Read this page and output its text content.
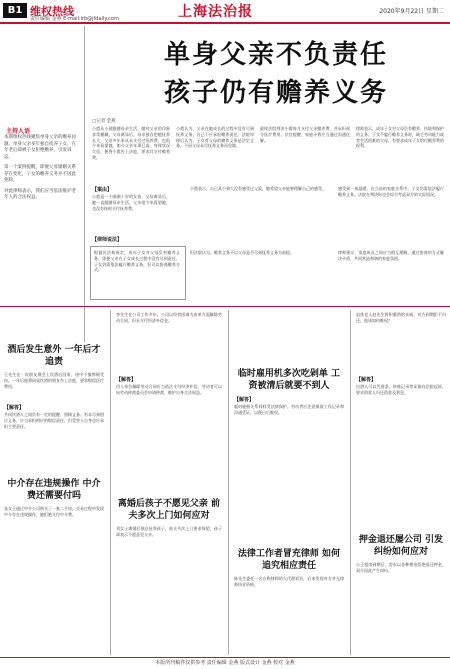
B1 维权热线
责任编辑 金燕 E-mail:lrb@jfdaily.com	上海法治报	2020年9月22日 星期二
主持人语

本期维权热线聚焦单身父亲的赡养问题。单身父亲多年独自抚养子女，在年老后却被子女拒绝赡养，引发诉讼。

第一个案例提醒，即便父母婚姻关系存在变化，子女的赡养义务并不因此免除。

对此律师表示，我们应当依法维护老年人的合法权益。

单身父亲不负责任
孩子仍有赡养义务
□记者 金燕
小霞从小就跟随母亲生活，她对父亲的印象非常模糊。父母离异后，母亲独自把她抚养长大，父亲多年来从未支付过抚养费，也很少来看望她。如今父亲年事已高，身体状况欠佳，便将小霞告上法庭，要求其支付赡养费。
小霞认为，父亲在她成长的过程中没有尽到抚养义务，自己不应承担赡养责任。法院审理后认为，子女对父母的赡养义务是法定义务，不因父母未尽抚养义务而免除。
最终法院判决小霞每月支付父亲赡养费，并承担部分医疗费用。法官提醒，家庭矛盾应当通过沟通化解。
律师表示，成年子女对父母负有赡养、扶助和保护的义务。子女不履行赡养义务时，缺乏劳动能力或者生活困难的父母，有要求成年子女给付赡养费的权利。
【案由】
小霞是一个刚满十岁的女孩，父母离异后，她一直跟随母亲生活。父亲很少来看望她，也没有按时支付抚养费。
【律师说法】
根据民法典规定，成年子女对父母负有赡养义务。即便父亲在子女成长过程中没有尽到责任，子女仍需依法履行赡养义务，但可以协商赡养方式。
小霞表示，自己从小到大没有感受过父爱，她希望父亲能够理解自己的感受。
但法院认为，赡养义务不以父母是否尽到抚养义务为前提。
感受到一丝温暖，在当前的家庭关系中，子女仍需依法履行赡养义务。法院在判决时也会综合考虑双方的实际情况。
律师建议，家庭成员之间应当相互理解，通过协商的方式解决矛盾，共同营造和谐的家庭氛围。
酒后发生意外 一年后才追责
王先生在一次朋友聚会上饮酒后回家，途中不慎摔倒受伤。一年后他将同桌饮酒的朋友告上法庭，要求赔偿医疗费用。
【解答】
共同饮酒人之间负有一定的提醒、照顾义务。若未尽到相应义务，应当承担相应的赔偿责任，但受害人自身也应承担主要责任。
中介存在违规操作 中介费还需要付吗
张女士通过中介公司购买了一套二手房，交易过程中发现中介存在违规操作，她拒绝支付中介费。
李先生在公司工作多年，公司以经营困难为由单方面解除劳动合同，但未支付经济补偿金。
【解答】
用人单位解除劳动合同应当依法支付经济补偿。劳动者可以向劳动仲裁委员会申请仲裁，维护自身合法权益。
离婚后孩子不愿见父亲 前夫多次上门如何应对
刘女士离婚后独自抚养孩子，前夫多次上门要求探望，孩子却表示不愿意见父亲。
临时雇用机多次吃剁单 工资被清后就要不到人
【解答】
临时雇佣关系同样受法律保护。劳动者应注意保留工作记录和沟通凭证，以便日后维权。
法律工作者冒充律师 如何追究相应责任
陈先生委托一名自称律师的人代理诉讼，后来发现对方并无律师执业资格。
退休老人赵先生将积蓄借给亲戚，对方到期拒不归还，他该如何维权？
【解答】
出借人可以凭借条、转账记录等证据向法院起诉，要求借款人归还借款及利息。
押金退还屡公司 引发纠纷如何应对
小王租房到期后，房东以各种理由拒绝退还押金，双方因此产生纠纷。
本版所刊稿件仅供参考 责任编辑 金燕 版式设计 金燕 校对 金燕
